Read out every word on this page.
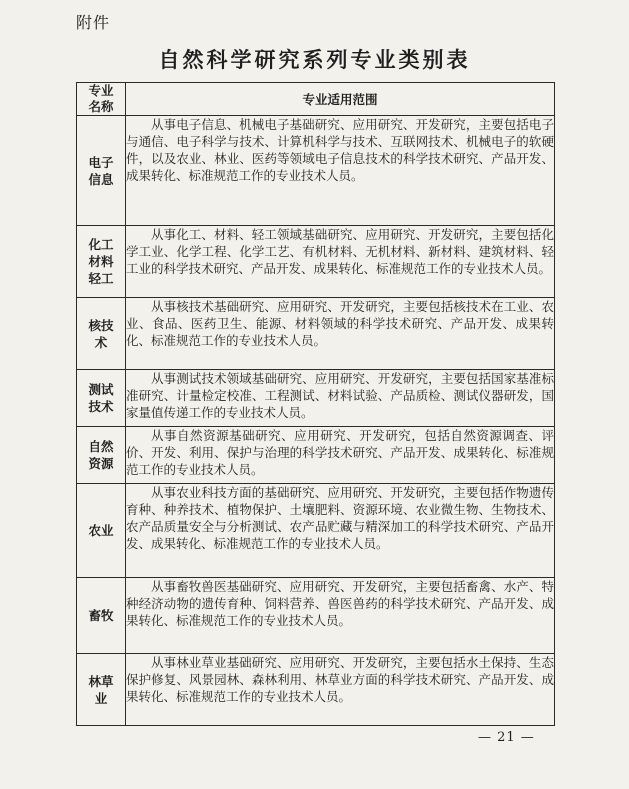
附件
自然科学研究系列专业类别表
专业名称	专业适用范围

电子信息	从事电子信息、机械电子基础研究、应用研究、开发研究，主要包括电子与通信、电子科学与技术、计算机科学与技术、互联网技术、机械电子的软硬件，以及农业、林业、医药等领域电子信息技术的科学技术研究、产品开发、成果转化、标准规范工作的专业技术人员。

化工材料轻工	从事化工、材料、轻工领域基础研究、应用研究、开发研究，主要包括化学工业、化学工程、化学工艺、有机材料、无机材料、新材料、建筑材料、轻工业的科学技术研究、产品开发、成果转化、标准规范工作的专业技术人员。

核技术	从事核技术基础研究、应用研究、开发研究，主要包括核技术在工业、农业、食品、医药卫生、能源、材料领域的科学技术研究、产品开发、成果转化、标准规范工作的专业技术人员。

测试技术	从事测试技术领域基础研究、应用研究、开发研究，主要包括国家基准标准研究、计量检定校准、工程测试、材料试验、产品质检、测试仪器研发，国家量值传递工作的专业技术人员。

自然资源	从事自然资源基础研究、应用研究、开发研究，包括自然资源调查、评价、开发、利用、保护与治理的科学技术研究、产品开发、成果转化、标准规范工作的专业技术人员。

农业	从事农业科技方面的基础研究、应用研究、开发研究，主要包括作物遗传育种、种养技术、植物保护、土壤肥料、资源环境、农业微生物、生物技术、农产品质量安全与分析测试、农产品贮藏与精深加工的科学技术研究、产品开发、成果转化、标准规范工作的专业技术人员。

畜牧	从事畜牧兽医基础研究、应用研究、开发研究，主要包括畜禽、水产、特种经济动物的遗传育种、饲料营养、兽医兽药的科学技术研究、产品开发、成果转化、标准规范工作的专业技术人员。

林草业	从事林业草业基础研究、应用研究、开发研究，主要包括水土保持、生态保护修复、风景园林、森林利用、林草业方面的科学技术研究、产品开发、成果转化、标准规范工作的专业技术人员。
— 21 —
